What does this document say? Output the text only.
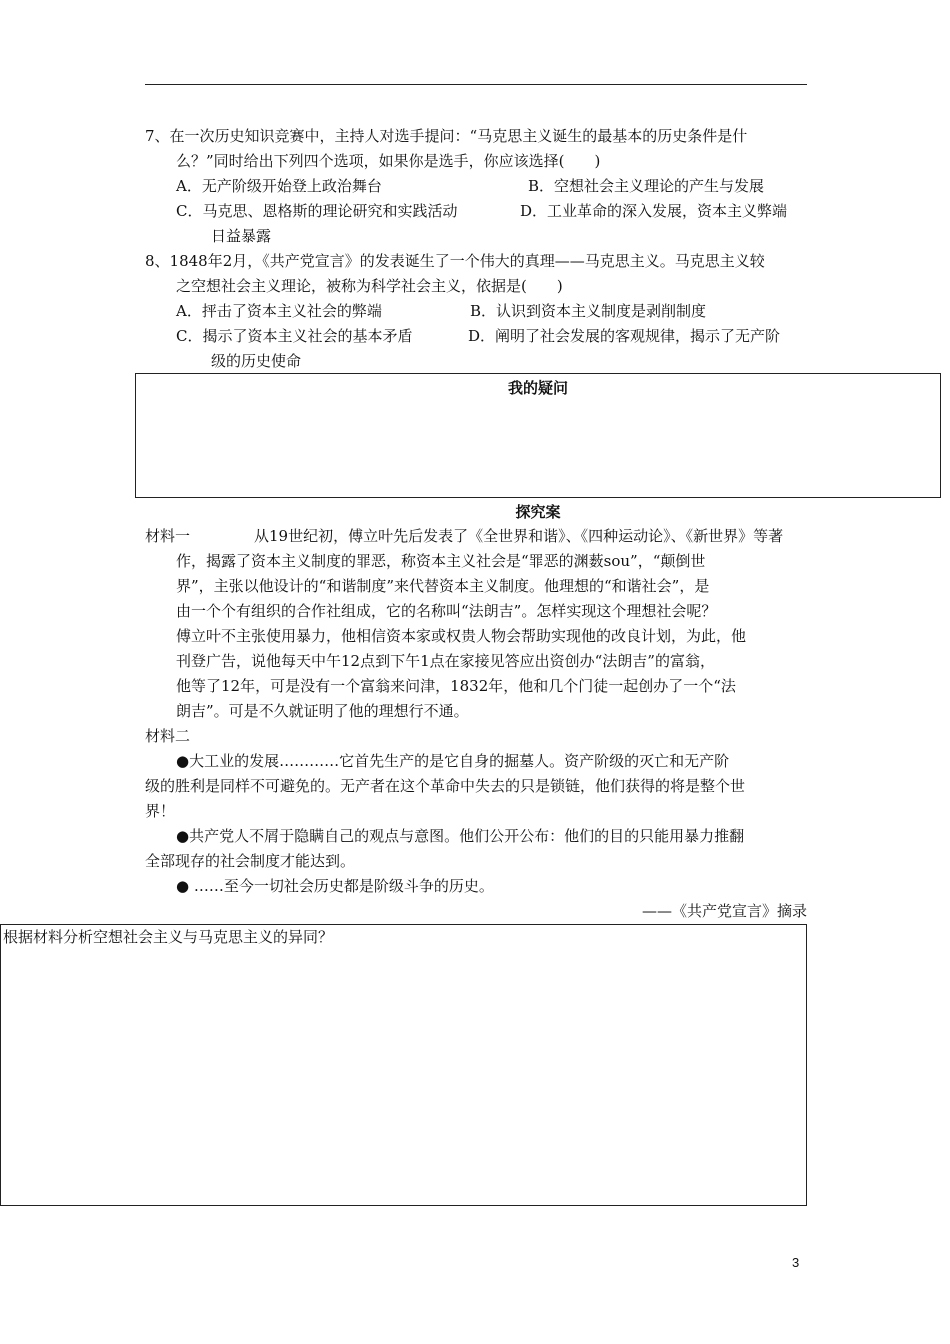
7、在一次历史知识竞赛中，主持人对选手提问：“马克思主义诞生的最基本的历史条件是什
么？”同时给出下列四个选项，如果你是选手，你应该选择(　　)
A．无产阶级开始登上政治舞台	B．空想社会主义理论的产生与发展
C．马克思、恩格斯的理论研究和实践活动	D．工业革命的深入发展，资本主义弊端
日益暴露
8、1848年2月，《共产党宣言》的发表诞生了一个伟大的真理——马克思主义。马克思主义较
之空想社会主义理论，被称为科学社会主义，依据是(　　)
A．抨击了资本主义社会的弊端	B．认识到资本主义制度是剥削制度
C．揭示了资本主义社会的基本矛盾	D．阐明了社会发展的客观规律，揭示了无产阶
级的历史使命
我的疑问
探究案
材料一	从19世纪初，傅立叶先后发表了《全世界和谐》、《四种运动论》、《新世界》等著
作，揭露了资本主义制度的罪恶，称资本主义社会是“罪恶的渊薮sou”，“颠倒世
界”，主张以他设计的“和谐制度”来代替资本主义制度。他理想的“和谐社会”，是
由一个个有组织的合作社组成，它的名称叫“法朗吉”。怎样实现这个理想社会呢？
傅立叶不主张使用暴力，他相信资本家或权贵人物会帮助实现他的改良计划，为此，他
刊登广告，说他每天中午12点到下午1点在家接见答应出资创办“法朗吉”的富翁，
他等了12年，可是没有一个富翁来问津，1832年，他和几个门徒一起创办了一个“法
朗吉”。可是不久就证明了他的理想行不通。
材料二
●大工业的发展…………它首先生产的是它自身的掘墓人。资产阶级的灭亡和无产阶
级的胜利是同样不可避免的。无产者在这个革命中失去的只是锁链，他们获得的将是整个世
界！
●共产党人不屑于隐瞒自己的观点与意图。他们公开公布：他们的目的只能用暴力推翻
全部现存的社会制度才能达到。
● ……至今一切社会历史都是阶级斗争的历史。
——《共产党宣言》摘录
根据材料分析空想社会主义与马克思主义的异同？
3
